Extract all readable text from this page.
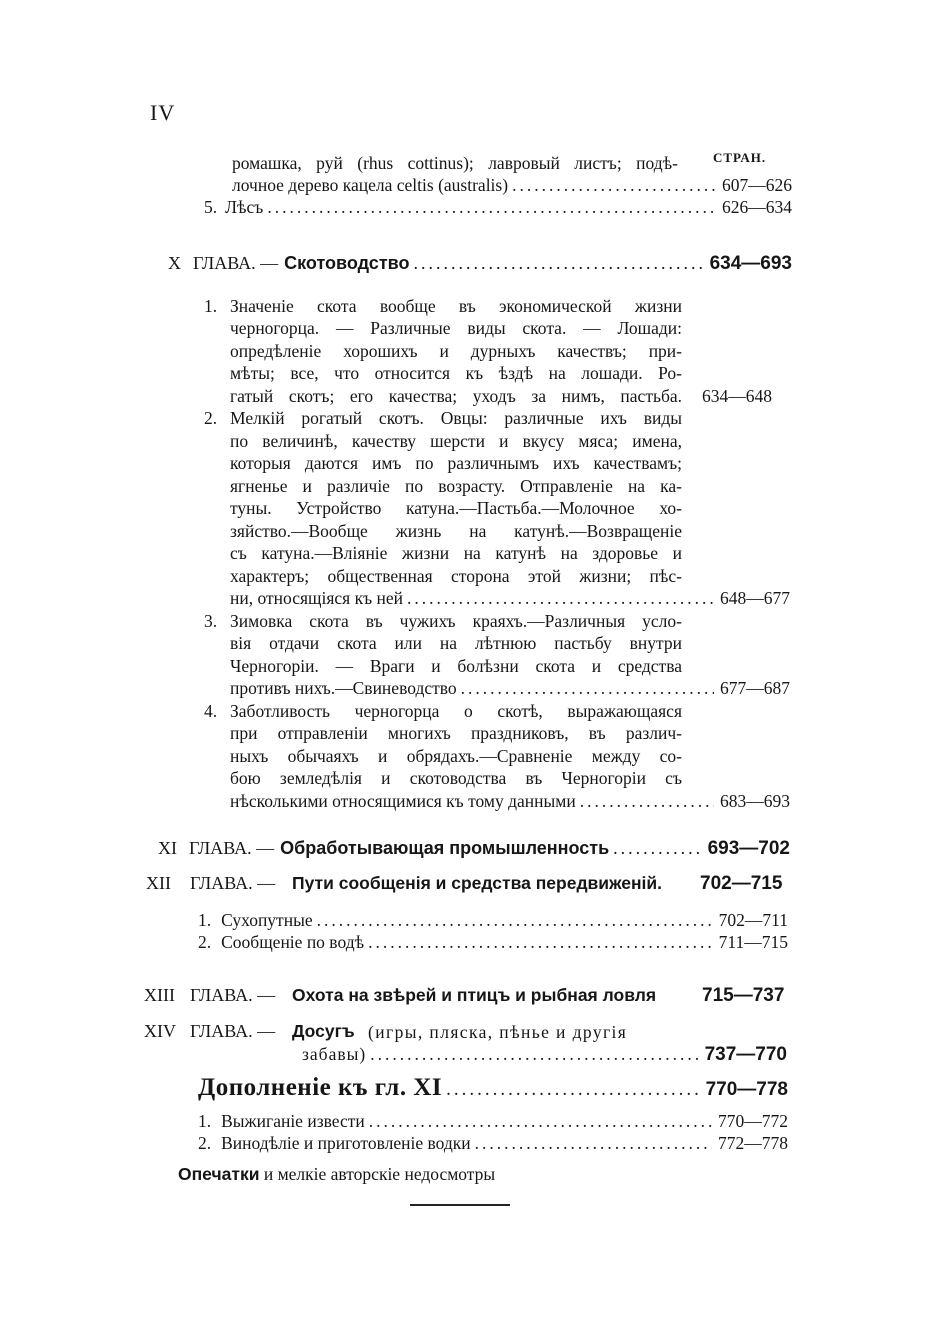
IV
СТРАН.
ромашка, руй (rhus cottinus); лавровый листъ; подѣ-
лочное дерево кацела celtis (australis) .....	607—626
5. Лѣсъ .....	626—634
X ГЛАВА. — Скотоводство .....	634—693
1. Значеніе скота вообще въ экономической жизни
черногорца. — Различные виды скота. — Лошади:
опредѣленіе хорошихъ и дурныхъ качествъ; при-
мѣты; все, что относится къ ѣздѣ на лошади. Ро-
гатый скотъ; его качества; уходъ за нимъ, пастьба. 634—648
2. Мелкій рогатый скотъ. Овцы: различные ихъ виды
по величинѣ, качеству шерсти и вкусу мяса; имена,
которыя даются имъ по различнымъ ихъ качествамъ;
ягненье и различіе по возрасту. Отправленіе на ка-
туны. Устройство катуна.—Пастьба.—Молочное хо-
зяйство.—Вообще жизнь на катунѣ.—Возвращеніе
съ катуна.—Вліяніе жизни на катунѣ на здоровье и
характеръ; общественная сторона этой жизни; пѣс-
ни, относящіяся къ ней .....	648—677
3. Зимовка скота въ чужихъ краяхъ.—Различныя усло-
вія отдачи скота или на лѣтнюю пастьбу внутри
Черногоріи. — Враги и болѣзни скота и средства
противъ нихъ.—Свиневодство .....	677—687
4. Заботливость черногорца о скотѣ, выражающаяся
при отправленіи многихъ праздниковъ, въ различ-
ныхъ обычаяхъ и обрядахъ.—Сравненіе между со-
бою земледѣлія и скотоводства въ Черногоріи съ
нѣсколькими относящимися къ тому данными .....	683—693
XI ГЛАВА. — Обработывающая промышленность .....	693—702
XII ГЛАВА. — Пути сообщенія и средства передвиженій. 702—715
1. Сухопутные .....	702—711
2. Сообщеніе по водѣ .....	711—715
XIII ГЛАВА. — Охота на звѣрей и птицъ и рыбная ловля 715—737
XIV ГЛАВА. — Досугъ (игры, пляска, пѣнье и другія
забавы) .....	737—770
Дополненіе къ гл. XI .....	770—778
1. Выжиганіе извести .....	770—772
2. Винодѣліе и приготовленіе водки .....	772—778
Опечатки и мелкіе авторскіе недосмотры
